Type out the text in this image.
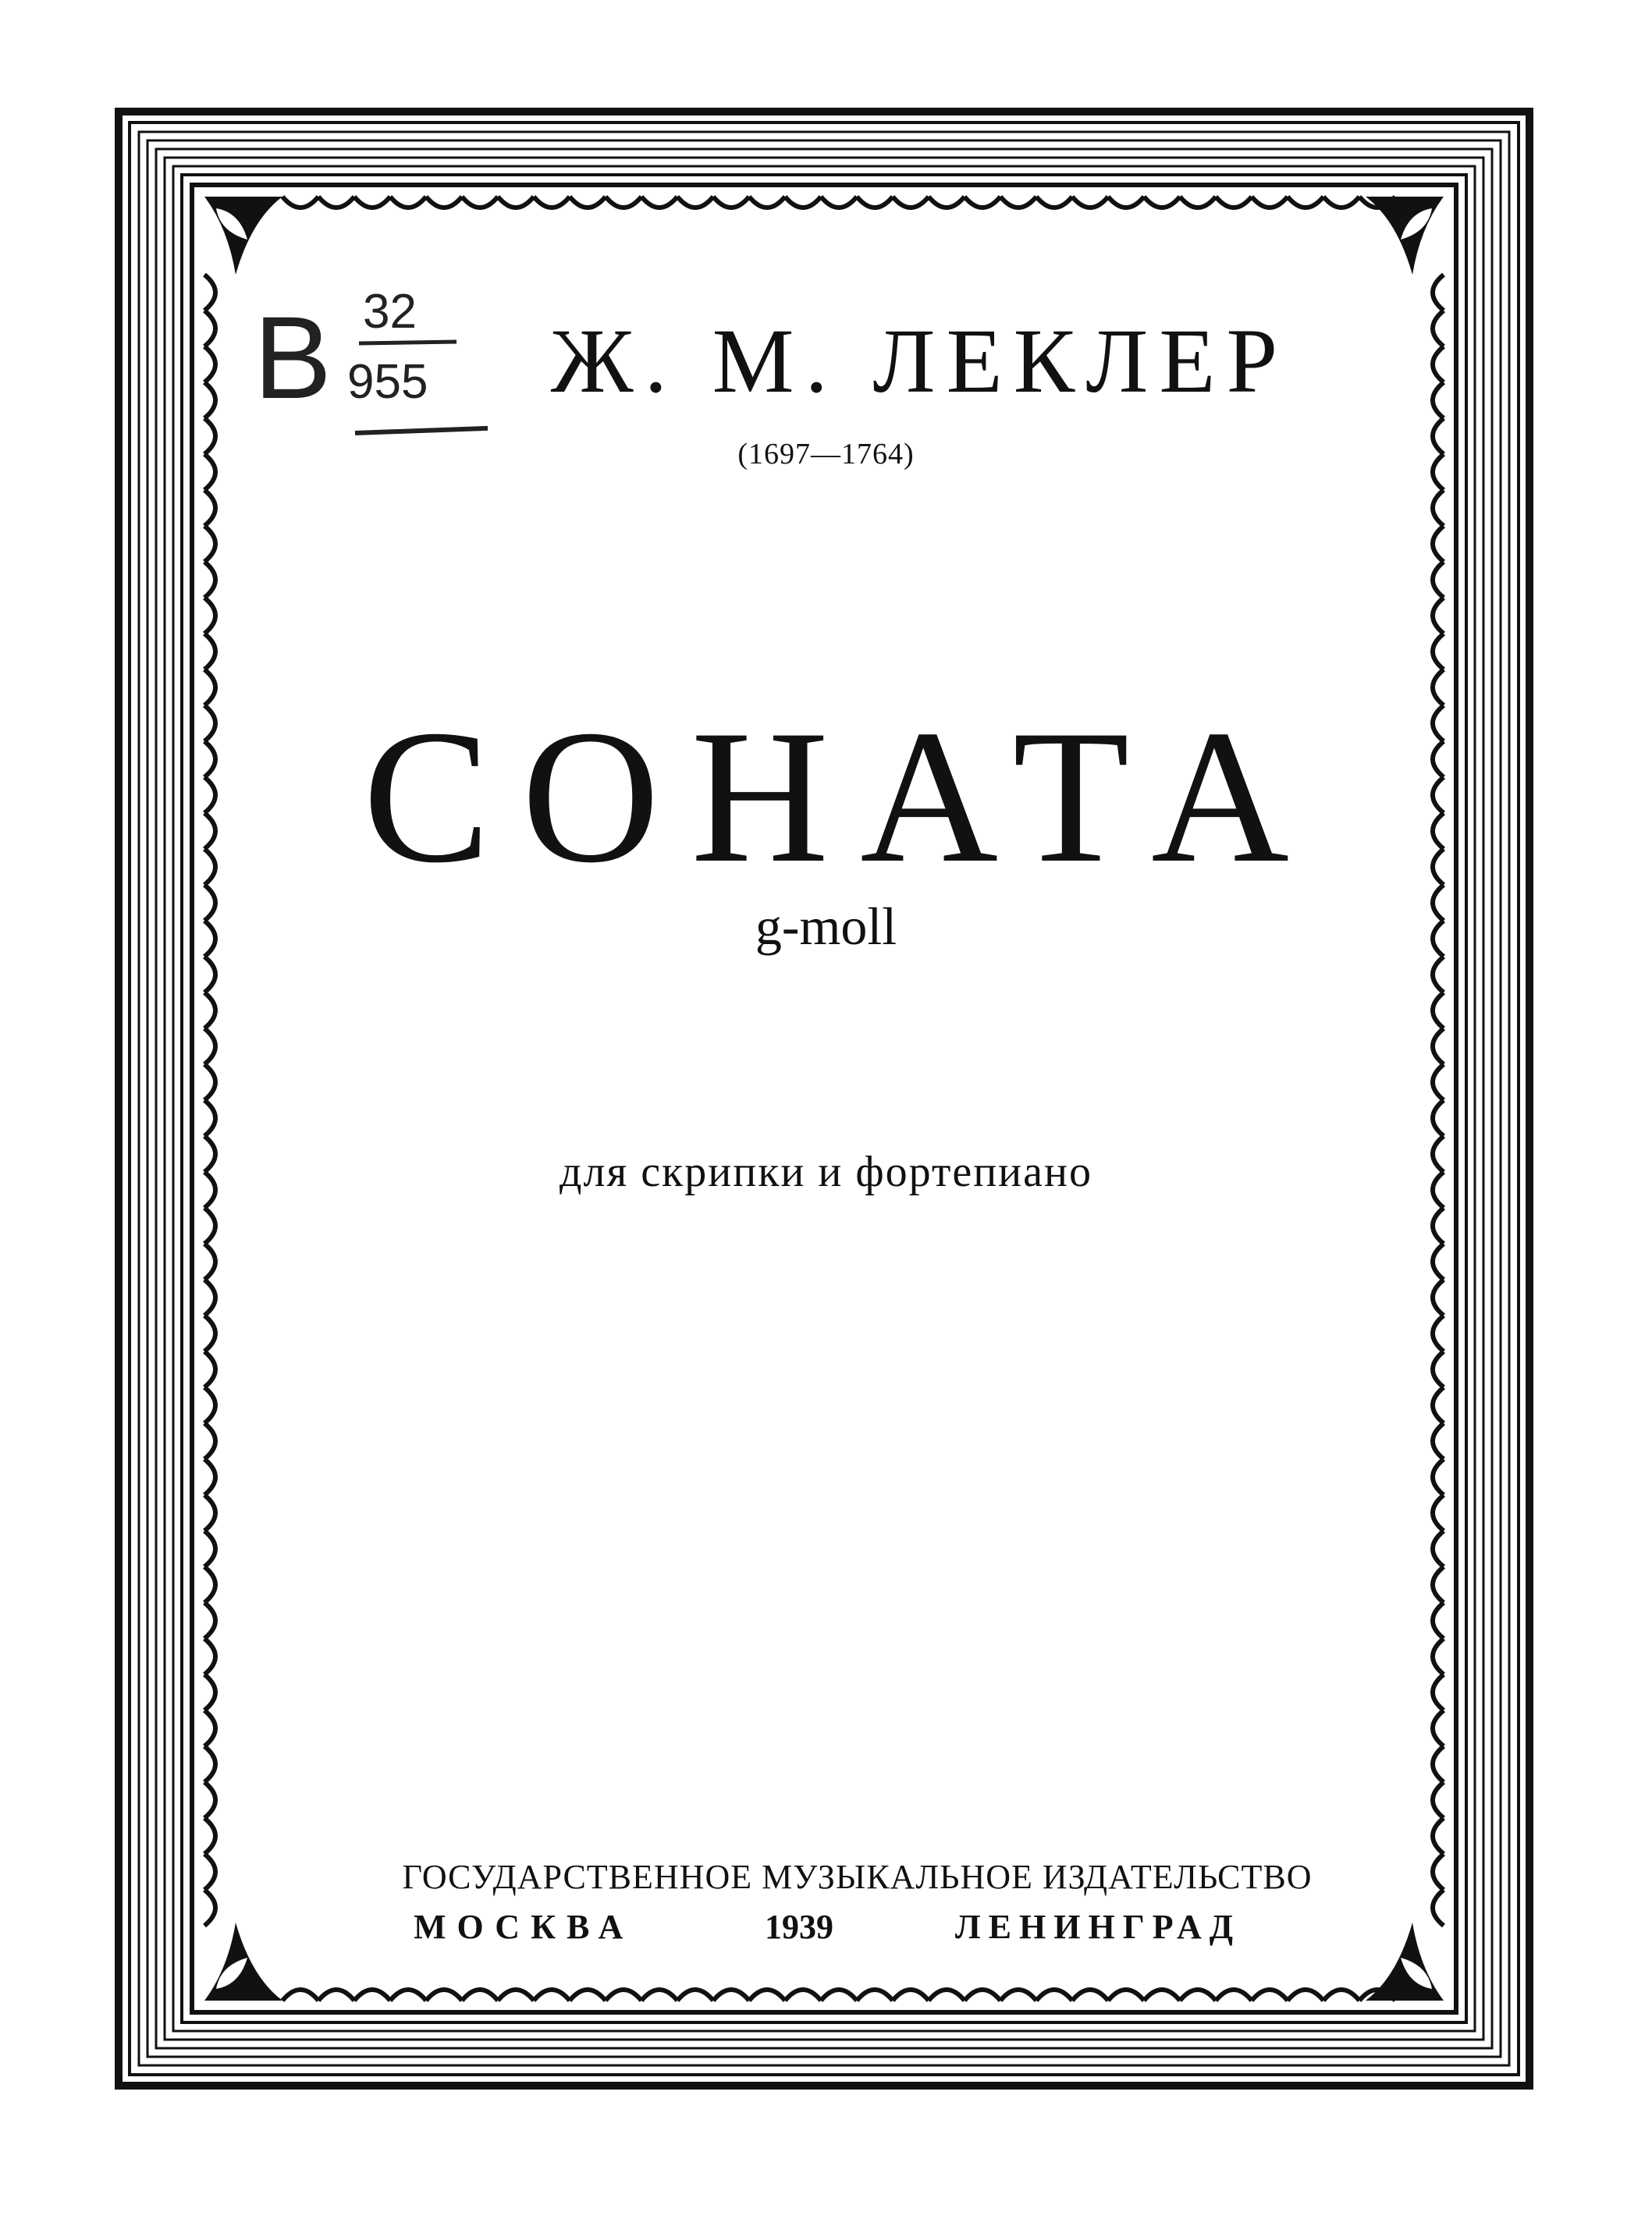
В 32
955	Ж. М. ЛЕКЛЕР
(1697—1764)
СОНАТА
g-moll
для скрипки и фортепиано
ГОСУДАРСТВЕННОЕ МУЗЫКАЛЬНОЕ ИЗДАТЕЛЬСТВО
МОСКВА	1939	ЛЕНИНГРАД
